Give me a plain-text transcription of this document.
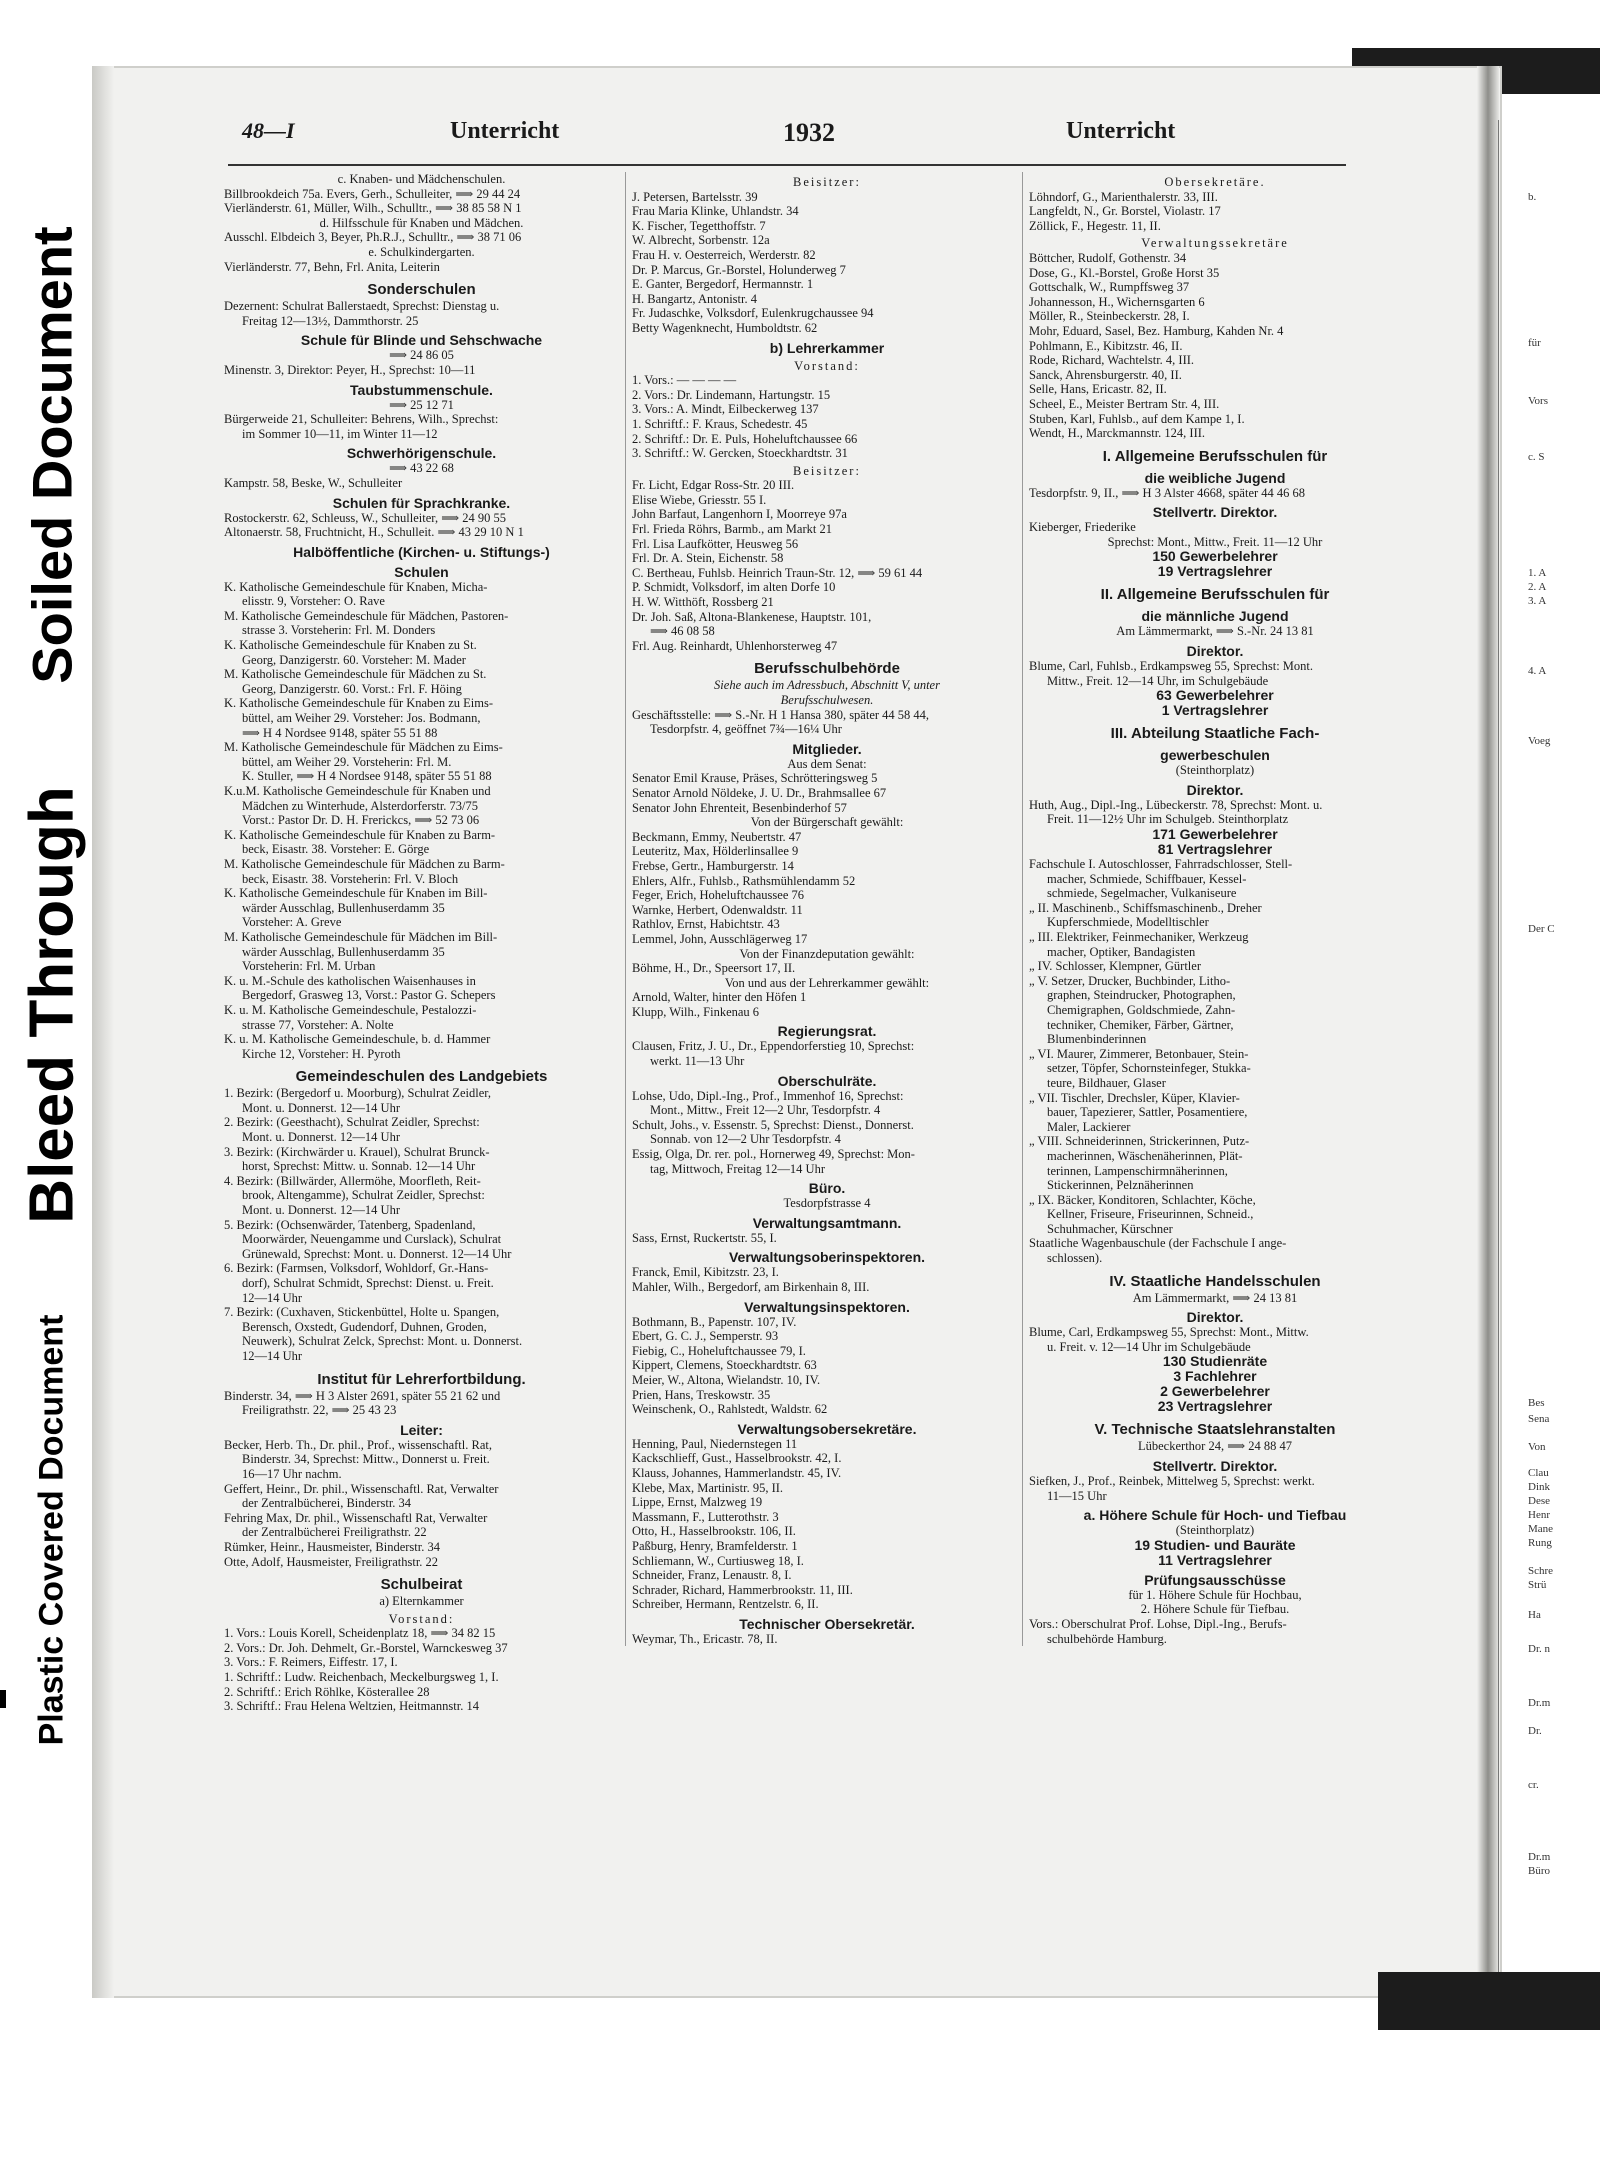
Soiled Document
Bleed Through
Plastic Covered Document
48—I	Unterricht	1932	Unterricht
c. Knaben- und Mädchenschulen.
Billbrookdeich 75a. Evers, Gerh., Schulleiter, ⟹ 29 44 24
Vierländerstr. 61, Müller, Wilh., Schulltr., ⟹ 38 85 58 N 1
d. Hilfsschule für Knaben und Mädchen.
Ausschl. Elbdeich 3, Beyer, Ph.R.J., Schulltr., ⟹ 38 71 06
e. Schulkindergarten.
Vierländerstr. 77, Behn, Frl. Anita, Leiterin
Sonderschulen
Dezernent: Schulrat Ballerstaedt, Sprechst: Dienstag u.
Freitag 12—13½, Dammthorstr. 25
Schule für Blinde und Sehschwache
⟹ 24 86 05
Minenstr. 3, Direktor: Peyer, H., Sprechst: 10—11
Taubstummenschule.
⟹ 25 12 71
Bürgerweide 21, Schulleiter: Behrens, Wilh., Sprechst:
im Sommer 10—11, im Winter 11—12
Schwerhörigenschule.
⟹ 43 22 68
Kampstr. 58, Beske, W., Schulleiter
Schulen für Sprachkranke.
Rostockerstr. 62, Schleuss, W., Schulleiter, ⟹ 24 90 55
Altonaerstr. 58, Fruchtnicht, H., Schulleit. ⟹ 43 29 10 N 1
Halböffentliche (Kirchen- u. Stiftungs-)
Schulen
K. Katholische Gemeindeschule für Knaben, Micha-
elisstr. 9, Vorsteher: O. Rave
M. Katholische Gemeindeschule für Mädchen, Pastoren-
strasse 3. Vorsteherin: Frl. M. Donders
K. Katholische Gemeindeschule für Knaben zu St.
Georg, Danzigerstr. 60. Vorsteher: M. Mader
M. Katholische Gemeindeschule für Mädchen zu St.
Georg, Danzigerstr. 60. Vorst.: Frl. F. Höing
K. Katholische Gemeindeschule für Knaben zu Eims-
büttel, am Weiher 29. Vorsteher: Jos. Bodmann,
⟹ H 4 Nordsee 9148, später 55 51 88
M. Katholische Gemeindeschule für Mädchen zu Eims-
büttel, am Weiher 29. Vorsteherin: Frl. M.
K. Stuller, ⟹ H 4 Nordsee 9148, später 55 51 88
K.u.M. Katholische Gemeindeschule für Knaben und
Mädchen zu Winterhude, Alsterdorferstr. 73/75
Vorst.: Pastor Dr. D. H. Frerickcs, ⟹ 52 73 06
K. Katholische Gemeindeschule für Knaben zu Barm-
beck, Eisastr. 38. Vorsteher: E. Görge
M. Katholische Gemeindeschule für Mädchen zu Barm-
beck, Eisastr. 38. Vorsteherin: Frl. V. Bloch
K. Katholische Gemeindeschule für Knaben im Bill-
wärder Ausschlag, Bullenhuserdamm 35
Vorsteher: A. Greve
M. Katholische Gemeindeschule für Mädchen im Bill-
wärder Ausschlag, Bullenhuserdamm 35
Vorsteherin: Frl. M. Urban
K. u. M.-Schule des katholischen Waisenhauses in
Bergedorf, Grasweg 13, Vorst.: Pastor G. Schepers
K. u. M. Katholische Gemeindeschule, Pestalozzi-
strasse 77, Vorsteher: A. Nolte
K. u. M. Katholische Gemeindeschule, b. d. Hammer
Kirche 12, Vorsteher: H. Pyroth
Gemeindeschulen des Landgebiets
1. Bezirk: (Bergedorf u. Moorburg), Schulrat Zeidler,
Mont. u. Donnerst. 12—14 Uhr
2. Bezirk: (Geesthacht), Schulrat Zeidler, Sprechst:
Mont. u. Donnerst. 12—14 Uhr
3. Bezirk: (Kirchwärder u. Krauel), Schulrat Brunck-
horst, Sprechst: Mittw. u. Sonnab. 12—14 Uhr
4. Bezirk: (Billwärder, Allermöhe, Moorfleth, Reit-
brook, Altengamme), Schulrat Zeidler, Sprechst:
Mont. u. Donnerst. 12—14 Uhr
5. Bezirk: (Ochsenwärder, Tatenberg, Spadenland,
Moorwärder, Neuengamme und Curslack), Schulrat
Grünewald, Sprechst: Mont. u. Donnerst. 12—14 Uhr
6. Bezirk: (Farmsen, Volksdorf, Wohldorf, Gr.-Hans-
dorf), Schulrat Schmidt, Sprechst: Dienst. u. Freit.
12—14 Uhr
7. Bezirk: (Cuxhaven, Stickenbüttel, Holte u. Spangen,
Berensch, Oxstedt, Gudendorf, Duhnen, Groden,
Neuwerk), Schulrat Zelck, Sprechst: Mont. u. Donnerst.
12—14 Uhr
Institut für Lehrerfortbildung.
Binderstr. 34, ⟹ H 3 Alster 2691, später 55 21 62 und
Freiligrathstr. 22, ⟹ 25 43 23
Leiter:
Becker, Herb. Th., Dr. phil., Prof., wissenschaftl. Rat,
Binderstr. 34, Sprechst: Mittw., Donnerst u. Freit.
16—17 Uhr nachm.
Geffert, Heinr., Dr. phil., Wissenschaftl. Rat, Verwalter
der Zentralbücherei, Binderstr. 34
Fehring Max, Dr. phil., Wissenschaftl Rat, Verwalter
der Zentralbücherei Freiligrathstr. 22
Rümker, Heinr., Hausmeister, Binderstr. 34
Otte, Adolf, Hausmeister, Freiligrathstr. 22
Schulbeirat
a) Elternkammer
Vorstand:
1. Vors.: Louis Korell, Scheidenplatz 18, ⟹ 34 82 15
2. Vors.: Dr. Joh. Dehmelt, Gr.-Borstel, Warnckesweg 37
3. Vors.: F. Reimers, Eiffestr. 17, I.
1. Schriftf.: Ludw. Reichenbach, Meckelburgsweg 1, I.
2. Schriftf.: Erich Röhlke, Kösterallee 28
3. Schriftf.: Frau Helena Weltzien, Heitmannstr. 14
Beisitzer:
J. Petersen, Bartelsstr. 39
Frau Maria Klinke, Uhlandstr. 34
K. Fischer, Tegetthoffstr. 7
W. Albrecht, Sorbenstr. 12a
Frau H. v. Oesterreich, Werderstr. 82
Dr. P. Marcus, Gr.-Borstel, Holunderweg 7
E. Ganter, Bergedorf, Hermannstr. 1
H. Bangartz, Antonistr. 4
Fr. Judaschke, Volksdorf, Eulenkrugchaussee 94
Betty Wagenknecht, Humboldtstr. 62
b) Lehrerkammer
Vorstand:
1. Vors.: — — — —
2. Vors.: Dr. Lindemann, Hartungstr. 15
3. Vors.: A. Mindt, Eilbeckerweg 137
1. Schriftf.: F. Kraus, Schedestr. 45
2. Schriftf.: Dr. E. Puls, Hoheluftchaussee 66
3. Schriftf.: W. Gercken, Stoeckhardtstr. 31
Beisitzer:
Fr. Licht, Edgar Ross-Str. 20 III.
Elise Wiebe, Griesstr. 55 I.
John Barfaut, Langenhorn I, Moorreye 97a
Frl. Frieda Röhrs, Barmb., am Markt 21
Frl. Lisa Laufkötter, Heusweg 56
Frl. Dr. A. Stein, Eichenstr. 58
C. Bertheau, Fuhlsb. Heinrich Traun-Str. 12, ⟹ 59 61 44
P. Schmidt, Volksdorf, im alten Dorfe 10
H. W. Witthöft, Rossberg 21
Dr. Joh. Saß, Altona-Blankenese, Hauptstr. 101,
⟹ 46 08 58
Frl. Aug. Reinhardt, Uhlenhorsterweg 47
Berufsschulbehörde
Siehe auch im Adressbuch, Abschnitt V, unter
Berufsschulwesen.
Geschäftsstelle: ⟹ S.-Nr. H 1 Hansa 380, später 44 58 44,
Tesdorpfstr. 4, geöffnet 7¾—16¼ Uhr
Mitglieder.
Aus dem Senat:
Senator Emil Krause, Präses, Schrötteringsweg 5
Senator Arnold Nöldeke, J. U. Dr., Brahmsallee 67
Senator John Ehrenteit, Besenbinderhof 57
Von der Bürgerschaft gewählt:
Beckmann, Emmy, Neubertstr. 47
Leuteritz, Max, Hölderlinsallee 9
Frebse, Gertr., Hamburgerstr. 14
Ehlers, Alfr., Fuhlsb., Rathsmühlendamm 52
Feger, Erich, Hoheluftchaussee 76
Warnke, Herbert, Odenwaldstr. 11
Rathlov, Ernst, Habichtstr. 43
Lemmel, John, Ausschlägerweg 17
Von der Finanzdeputation gewählt:
Böhme, H., Dr., Speersort 17, II.
Von und aus der Lehrerkammer gewählt:
Arnold, Walter, hinter den Höfen 1
Klupp, Wilh., Finkenau 6
Regierungsrat.
Clausen, Fritz, J. U., Dr., Eppendorferstieg 10, Sprechst:
werkt. 11—13 Uhr
Oberschulräte.
Lohse, Udo, Dipl.-Ing., Prof., Immenhof 16, Sprechst:
Mont., Mittw., Freit 12—2 Uhr, Tesdorpfstr. 4
Schult, Johs., v. Essenstr. 5, Sprechst: Dienst., Donnerst.
Sonnab. von 12—2 Uhr Tesdorpfstr. 4
Essig, Olga, Dr. rer. pol., Hornerweg 49, Sprechst: Mon-
tag, Mittwoch, Freitag 12—14 Uhr
Büro.
Tesdorpfstrasse 4
Verwaltungsamtmann.
Sass, Ernst, Ruckertstr. 55, I.
Verwaltungsoberinspektoren.
Franck, Emil, Kibitzstr. 23, I.
Mahler, Wilh., Bergedorf, am Birkenhain 8, III.
Verwaltungsinspektoren.
Bothmann, B., Papenstr. 107, IV.
Ebert, G. C. J., Semperstr. 93
Fiebig, C., Hoheluftchaussee 79, I.
Kippert, Clemens, Stoeckhardtstr. 63
Meier, W., Altona, Wielandstr. 10, IV.
Prien, Hans, Treskowstr. 35
Weinschenk, O., Rahlstedt, Waldstr. 62
Verwaltungsobersekretäre.
Henning, Paul, Niedernstegen 11
Kackschlieff, Gust., Hasselbrookstr. 42, I.
Klauss, Johannes, Hammerlandstr. 45, IV.
Klebe, Max, Martinistr. 95, II.
Lippe, Ernst, Malzweg 19
Massmann, F., Lutterothstr. 3
Otto, H., Hasselbrookstr. 106, II.
Paßburg, Henry, Bramfelderstr. 1
Schliemann, W., Curtiusweg 18, I.
Schneider, Franz, Lenaustr. 8, I.
Schrader, Richard, Hammerbrookstr. 11, III.
Schreiber, Hermann, Rentzelstr. 6, II.
Technischer Obersekretär.
Weymar, Th., Ericastr. 78, II.
Obersekretäre.
Löhndorf, G., Marienthalerstr. 33, III.
Langfeldt, N., Gr. Borstel, Violastr. 17
Zöllick, F., Hegestr. 11, II.
Verwaltungssekretäre
Böttcher, Rudolf, Gothenstr. 34
Dose, G., Kl.-Borstel, Große Horst 35
Gottschalk, W., Rumpffsweg 37
Johannesson, H., Wichernsgarten 6
Möller, R., Steinbeckerstr. 28, I.
Mohr, Eduard, Sasel, Bez. Hamburg, Kahden Nr. 4
Pohlmann, E., Kibitzstr. 46, II.
Rode, Richard, Wachtelstr. 4, III.
Sanck, Ahrensburgerstr. 40, II.
Selle, Hans, Ericastr. 82, II.
Scheel, E., Meister Bertram Str. 4, III.
Stuben, Karl, Fuhlsb., auf dem Kampe 1, I.
Wendt, H., Marckmannstr. 124, III.
I. Allgemeine Berufsschulen für
die weibliche Jugend
Tesdorpfstr. 9, II., ⟹ H 3 Alster 4668, später 44 46 68
Stellvertr. Direktor.
Kieberger, Friederike
Sprechst: Mont., Mittw., Freit. 11—12 Uhr
150 Gewerbelehrer
19 Vertragslehrer
II. Allgemeine Berufsschulen für
die männliche Jugend
Am Lämmermarkt, ⟹ S.-Nr. 24 13 81
Direktor.
Blume, Carl, Fuhlsb., Erdkampsweg 55, Sprechst: Mont.
Mittw., Freit. 12—14 Uhr, im Schulgebäude
63 Gewerbelehrer
1 Vertragslehrer
III. Abteilung Staatliche Fach-
gewerbeschulen
(Steinthorplatz)
Direktor.
Huth, Aug., Dipl.-Ing., Lübeckerstr. 78, Sprechst: Mont. u.
Freit. 11—12½ Uhr im Schulgeb. Steinthorplatz
171 Gewerbelehrer
81 Vertragslehrer
Fachschule I. Autoschlosser, Fahrradschlosser, Stell-
macher, Schmiede, Schiffbauer, Kessel-
schmiede, Segelmacher, Vulkaniseure
„ II. Maschinenb., Schiffsmaschinenb., Dreher
Kupferschmiede, Modelltischler
„ III. Elektriker, Feinmechaniker, Werkzeug
macher, Optiker, Bandagisten
„ IV. Schlosser, Klempner, Gürtler
„ V. Setzer, Drucker, Buchbinder, Litho-
graphen, Steindrucker, Photographen,
Chemigraphen, Goldschmiede, Zahn-
techniker, Chemiker, Färber, Gärtner,
Blumenbinderinnen
„ VI. Maurer, Zimmerer, Betonbauer, Stein-
setzer, Töpfer, Schornsteinfeger, Stukka-
teure, Bildhauer, Glaser
„ VII. Tischler, Drechsler, Küper, Klavier-
bauer, Tapezierer, Sattler, Posamentiere,
Maler, Lackierer
„ VIII. Schneiderinnen, Strickerinnen, Putz-
macherinnen, Wäschenäherinnen, Plät-
terinnen, Lampenschirmnäherinnen,
Stickerinnen, Pelznäherinnen
„ IX. Bäcker, Konditoren, Schlachter, Köche,
Kellner, Friseure, Friseurinnen, Schneid.,
Schuhmacher, Kürschner
Staatliche Wagenbauschule (der Fachschule I ange-
schlossen).
IV. Staatliche Handelsschulen
Am Lämmermarkt, ⟹ 24 13 81
Direktor.
Blume, Carl, Erdkampsweg 55, Sprechst: Mont., Mittw.
u. Freit. v. 12—14 Uhr im Schulgebäude
130 Studienräte
3 Fachlehrer
2 Gewerbelehrer
23 Vertragslehrer
V. Technische Staatslehranstalten
Lübeckerthor 24, ⟹ 24 88 47
Stellvertr. Direktor.
Siefken, J., Prof., Reinbek, Mittelweg 5, Sprechst: werkt.
11—15 Uhr
a. Höhere Schule für Hoch- und Tiefbau
(Steinthorplatz)
19 Studien- und Bauräte
11 Vertragslehrer
Prüfungsausschüsse
für 1. Höhere Schule für Hochbau,
2. Höhere Schule für Tiefbau.
Vors.: Oberschulrat Prof. Lohse, Dipl.-Ing., Berufs-
schulbehörde Hamburg.
b.
für
Vors
c. S
1. A
2. A
3. A
4. A
Voeg
Der C
Bes
Sena
Von
Clau
Dink
Dese
Henr
Mane
Rung
Schre
Strü
Ha
Dr. n
Dr.m
Dr.
cr.
Dr.m
Büro
